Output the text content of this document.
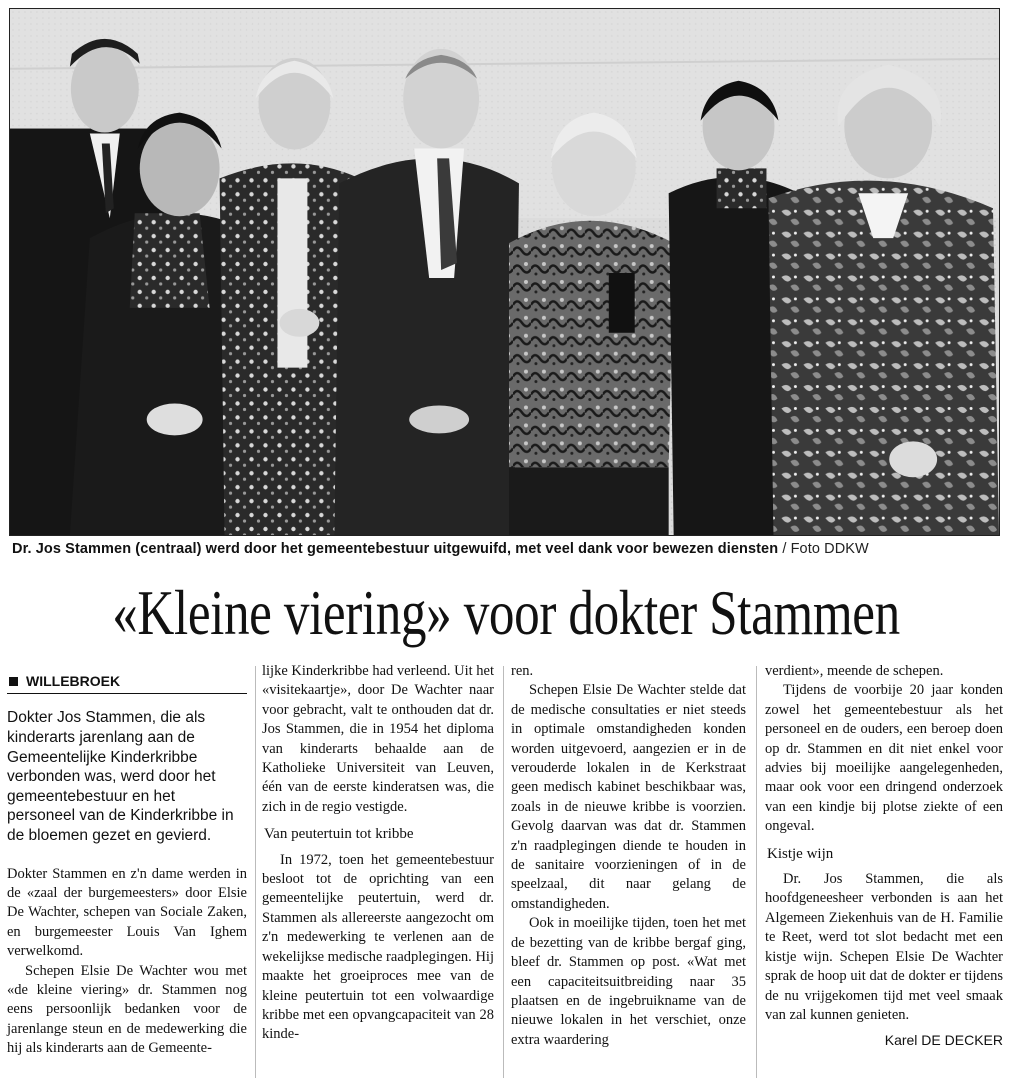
Dr. Jos Stammen (centraal) werd door het gemeentebestuur uitgewuifd, met veel dank voor bewezen diensten / Foto DDKW
«Kleine viering» voor dokter Stammen
WILLEBROEK

Dokter Jos Stammen, die als kinderarts jarenlang aan de Gemeentelijke Kinderkribbe verbonden was, werd door het gemeentebestuur en het personeel van de Kinderkribbe in de bloemen gezet en gevierd.

Dokter Stammen en z'n dame werden in de «zaal der burgemeesters» door Elsie De Wachter, schepen van Sociale Zaken, en burgemeester Louis Van Ighem verwelkomd.

Schepen Elsie De Wachter wou met «de kleine viering» dr. Stammen nog eens persoonlijk bedanken voor de jarenlange steun en de medewerking die hij als kinderarts aan de Gemeente-

lijke Kinderkribbe had verleend. Uit het «visitekaartje», door De Wachter naar voor gebracht, valt te onthouden dat dr. Jos Stammen, die in 1954 het diploma van kinderarts behaalde aan de Katholieke Universiteit van Leuven, één van de eerste kinderatsen was, die zich in de regio vestigde.

Van peutertuin tot kribbe

In 1972, toen het gemeentebestuur besloot tot de oprichting van een gemeentelijke peutertuin, werd dr. Stammen als allereerste aangezocht om z'n medewerking te verlenen aan de wekelijkse medische raadplegingen. Hij maakte het groeiproces mee van de kleine peutertuin tot een volwaardige kribbe met een opvangcapaciteit van 28 kinde-

ren.

Schepen Elsie De Wachter stelde dat de medische consultaties er niet steeds in optimale omstandigheden konden worden uitgevoerd, aangezien er in de verouderde lokalen in de Kerkstraat geen medisch kabinet beschikbaar was, zoals in de nieuwe kribbe is voorzien. Gevolg daarvan was dat dr. Stammen z'n raadplegingen diende te houden in de sanitaire voorzieningen of in de speelzaal, dit naar gelang de omstandigheden.

Ook in moeilijke tijden, toen het met de bezetting van de kribbe bergaf ging, bleef dr. Stammen op post. «Wat met een capaciteitsuitbreiding naar 35 plaatsen en de ingebruikname van de nieuwe lokalen in het verschiet, onze extra waardering

verdient», meende de schepen.

Tijdens de voorbije 20 jaar konden zowel het gemeentebestuur als het personeel en de ouders, een beroep doen op dr. Stammen en dit niet enkel voor advies bij moeilijke aangelegenheden, maar ook voor een dringend onderzoek van een kindje bij plotse ziekte of een ongeval.

Kistje wijn

Dr. Jos Stammen, die als hoofdgeneesheer verbonden is aan het Algemeen Ziekenhuis van de H. Familie te Reet, werd tot slot bedacht met een kistje wijn. Schepen Elsie De Wachter sprak de hoop uit dat de dokter er tijdens de nu vrijgekomen tijd met veel smaak van zal kunnen genieten.

Karel DE DECKER
